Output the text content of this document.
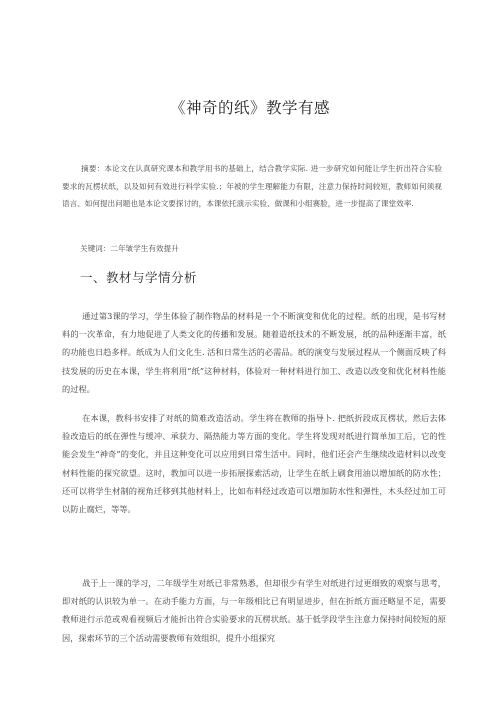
《神奇的纸》教学有感
摘要：本论文在认真研究课本和教学用书的基础上，结合教学实际. 进一步研究如何能让学生折出符合实验要求的瓦楞状纸，以及如何有效进行科学实验.；年被的学生理解能力有限，注意力保持时间较短，教师如何须视语言、如何提出问题也是本论文要探讨的，本课依托演示实验、做课和小组赛脸，进一步提高了课堂效率.
关键词：二年皱学生有效提升
一、教材与学情分析
通过第3课的学习，学生体验了制作物品的材料是一个不断演变和优化的过程。纸的出现，是书写材料的一次革命，有力地促进了人类文化的传播和发展。随着造纸技术的不断发展，纸的品种逐渐丰富，纸的功能也日趋多样。纸成为人们文化生. 活和日常生活的必需品。纸的演变与发展过程从一个侧面反映了科技发展的历史在本课，学生将利用“纸”这种材料，体验对一种材料进行加工、改造以改变和优化材料性能的过程。
在本课，教科书安排了对纸的简难改造活动。学生将在教师的指导卜. 把纸折段成瓦楞状，然后去体验改造后的纸在弹性与缓冲、承获力、隔热能力等方面的变化。学生将发现对纸进行简单加工后，它的性能会发生“神奇”的变化，并且这种变化可以应用到日常生活中。同时，他们还会产生继续改造材料以改变材料性能的探究欲望。这时，教加可以进一步拓展探索活动，让学生在纸上刷食用油以增加纸的防水性；还可以将学生材制的视角迁移到其他材料上，比如布料经过改造可以增加防水性和弹性，木头经过加工可以防止腐烂，等等。
战于上一课的学习，二年级学生对纸已非常熟悉，但却很少有学生对纸进行过更细致的观察与思考，即对纸的认识较为单一。在动手能力方面，与一年级相比已有明显进步，但在折纸方面还略显不足，需要教师进行示范或观看视频后才能折出符合实验要求的瓦楞状纸。基于低学段学生注意力保持时间较短的原因，探索环节的三个活动需要教师有效组织，提升小组探究
